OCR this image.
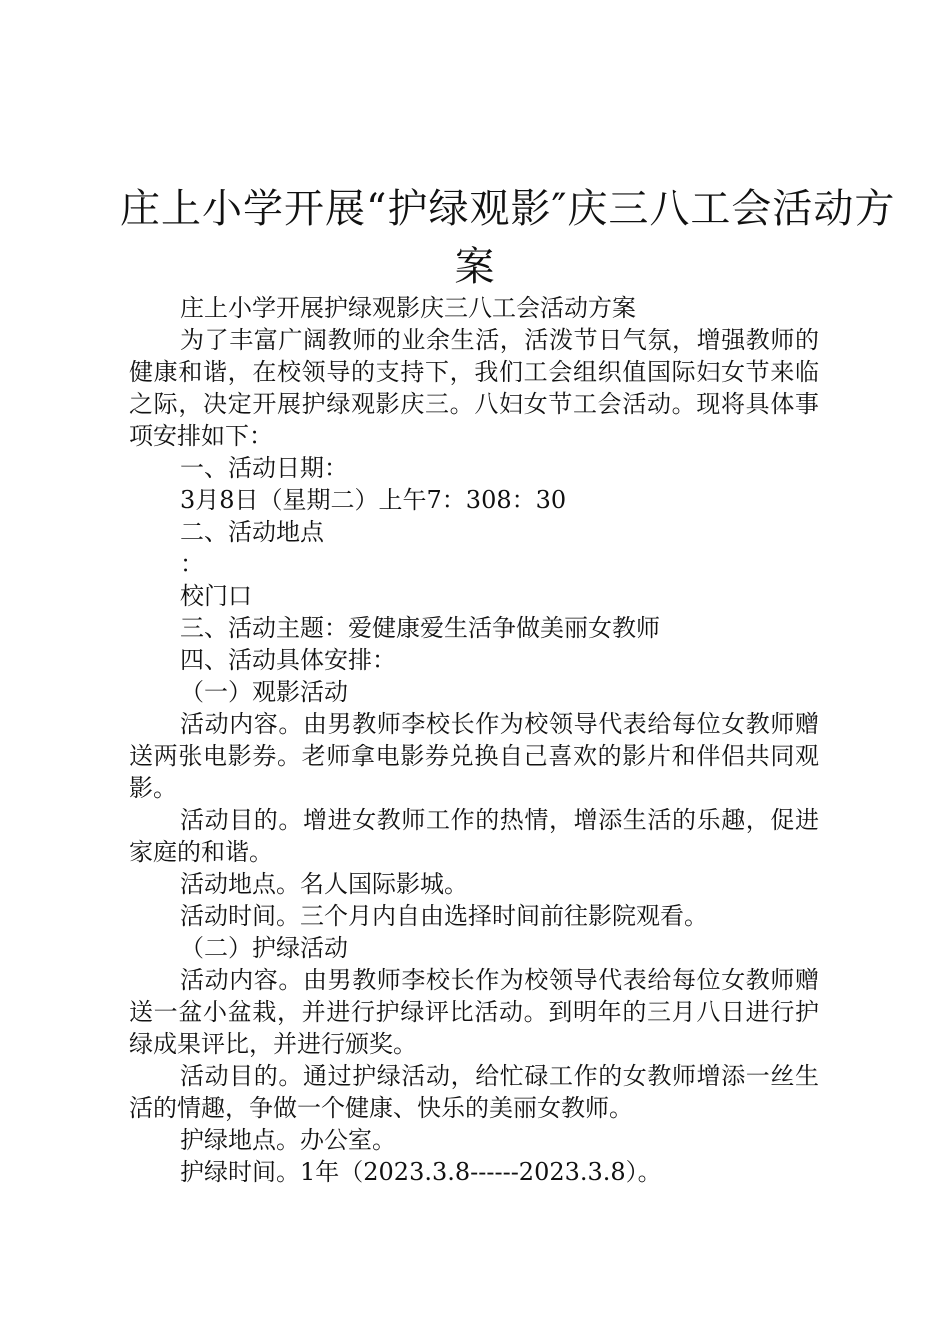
庄上小学开展“护绿观影″庆三八工会活动方
案

庄上小学开展护绿观影庆三八工会活动方案

为了丰富广阔教师的业余生活，活泼节日气氛，增强教师的健康和谐，在校领导的支持下，我们工会组织值国际妇女节来临之际，决定开展护绿观影庆三。八妇女节工会活动。现将具体事项安排如下：

一、活动日期：

3月8日（星期二）上午7：308：30

二、活动地点

：

校门口

三、活动主题：爱健康爱生活争做美丽女教师

四、活动具体安排：

（一）观影活动

活动内容。由男教师李校长作为校领导代表给每位女教师赠送两张电影券。老师拿电影券兑换自己喜欢的影片和伴侣共同观影。

活动目的。增进女教师工作的热情，增添生活的乐趣，促进家庭的和谐。

活动地点。名人国际影城。

活动时间。三个月内自由选择时间前往影院观看。

（二）护绿活动

活动内容。由男教师李校长作为校领导代表给每位女教师赠送一盆小盆栽，并进行护绿评比活动。到明年的三月八日进行护绿成果评比，并进行颁奖。

活动目的。通过护绿活动，给忙碌工作的女教师增添一丝生活的情趣，争做一个健康、快乐的美丽女教师。

护绿地点。办公室。

护绿时间。1年（2023.3.8------2023.3.8）。
